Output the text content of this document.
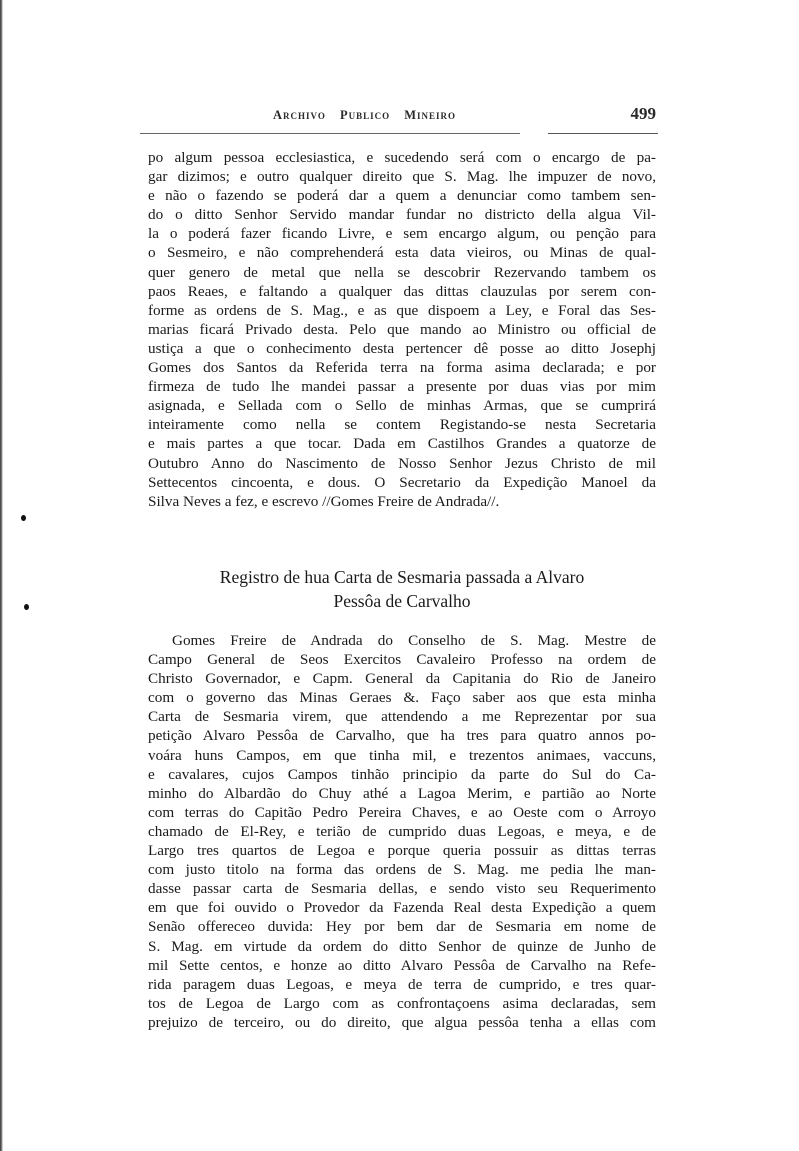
Archivo Publico Mineiro	499
po algum pessoa ecclesiastica, e sucedendo será com o encargo de pa-
gar dizimos; e outro qualquer direito que S. Mag. lhe impuzer de novo,
e não o fazendo se poderá dar a quem a denunciar como tambem sen-
do o ditto Senhor Servido mandar fundar no districto della algua Vil-
la o poderá fazer ficando Livre, e sem encargo algum, ou penção para
o Sesmeiro, e não comprehenderá esta data vieiros, ou Minas de qual-
quer genero de metal que nella se descobrir Rezervando tambem os
paos Reaes, e faltando a qualquer das dittas clauzulas por serem con-
forme as ordens de S. Mag., e as que dispoem a Ley, e Foral das Ses-
marias ficará Privado desta. Pelo que mando ao Ministro ou official de
ustiça a que o conhecimento desta pertencer dê posse ao ditto Josephj
Gomes dos Santos da Referida terra na forma asima declarada; e por
firmeza de tudo lhe mandei passar a presente por duas vias por mim
asignada, e Sellada com o Sello de minhas Armas, que se cumprirá
inteiramente como nella se contem Registando-se nesta Secretaria
e mais partes a que tocar. Dada em Castilhos Grandes a quatorze de
Outubro Anno do Nascimento de Nosso Senhor Jezus Christo de mil
Settecentos cincoenta, e dous. O Secretario da Expedição Manoel da
Silva Neves a fez, e escrevo //Gomes Freire de Andrada//.
Registro de hua Carta de Sesmaria passada a Alvaro
Pessôa de Carvalho
Gomes Freire de Andrada do Conselho de S. Mag. Mestre de
Campo General de Seos Exercitos Cavaleiro Professo na ordem de
Christo Governador, e Capm. General da Capitania do Rio de Janeiro
com o governo das Minas Geraes &. Faço saber aos que esta minha
Carta de Sesmaria virem, que attendendo a me Reprezentar por sua
petição Alvaro Pessôa de Carvalho, que ha tres para quatro annos po-
voára huns Campos, em que tinha mil, e trezentos animaes, vaccuns,
e cavalares, cujos Campos tinhão principio da parte do Sul do Ca-
minho do Albardão do Chuy athé a Lagoa Merim, e partião ao Norte
com terras do Capitão Pedro Pereira Chaves, e ao Oeste com o Arroyo
chamado de El-Rey, e terião de cumprido duas Legoas, e meya, e de
Largo tres quartos de Legoa e porque queria possuir as dittas terras
com justo titolo na forma das ordens de S. Mag. me pedia lhe man-
dasse passar carta de Sesmaria dellas, e sendo visto seu Requerimento
em que foi ouvido o Provedor da Fazenda Real desta Expedição a quem
Senão offereceo duvida: Hey por bem dar de Sesmaria em nome de
S. Mag. em virtude da ordem do ditto Senhor de quinze de Junho de
mil Sette centos, e honze ao ditto Alvaro Pessôa de Carvalho na Refe-
rida paragem duas Legoas, e meya de terra de cumprido, e tres quar-
tos de Legoa de Largo com as confrontaçoens asima declaradas, sem
prejuizo de terceiro, ou do direito, que algua pessôa tenha a ellas com
